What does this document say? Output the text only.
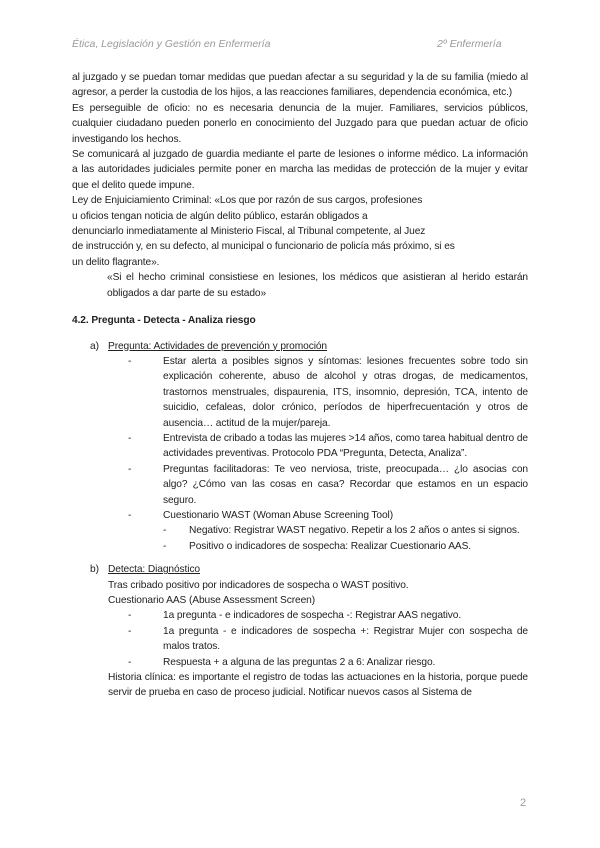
Ética, Legislación y Gestión en Enfermería	2º Enfermería

al juzgado y se puedan tomar medidas que puedan afectar a su seguridad y la de su familia (miedo al agresor, a perder la custodia de los hijos, a las reacciones familiares, dependencia económica, etc.)

Es perseguible de oficio: no es necesaria denuncia de la mujer. Familiares, servicios públicos, cualquier ciudadano pueden ponerlo en conocimiento del Juzgado para que puedan actuar de oficio investigando los hechos.

Se comunicará al juzgado de guardia mediante el parte de lesiones o informe médico. La información a las autoridades judiciales permite poner en marcha las medidas de protección de la mujer y evitar que el delito quede impune.

Ley de Enjuiciamiento Criminal: «Los que por razón de sus cargos, profesiones

u oficios tengan noticia de algún delito público, estarán obligados a

denunciarlo inmediatamente al Ministerio Fiscal, al Tribunal competente, al Juez

de instrucción y, en su defecto, al municipal o funcionario de policía más próximo, si es

un delito flagrante».

«Si el hecho criminal consistiese en lesiones, los médicos que asistieran al herido estarán obligados a dar parte de su estado»

4.2. Pregunta - Detecta - Analiza riesgo

a) Pregunta: Actividades de prevención y promoción

- Estar alerta a posibles signos y síntomas: lesiones frecuentes sobre todo sin explicación coherente, abuso de alcohol y otras drogas, de medicamentos, trastornos menstruales, dispaurenia, ITS, insomnio, depresión, TCA, intento de suicidio, cefaleas, dolor crónico, períodos de hiperfrecuentación y otros de ausencia… actitud de la mujer/pareja.
- Entrevista de cribado a todas las mujeres >14 años, como tarea habitual dentro de actividades preventivas. Protocolo PDA “Pregunta, Detecta, Analiza”.
- Preguntas facilitadoras: Te veo nerviosa, triste, preocupada… ¿lo asocias con algo? ¿Cómo van las cosas en casa? Recordar que estamos en un espacio seguro.
- Cuestionario WAST (Woman Abuse Screening Tool)
- Negativo: Registrar WAST negativo. Repetir a los 2 años o antes si signos.
- Positivo o indicadores de sospecha: Realizar Cuestionario AAS.
b) Detecta: Diagnóstico

Tras cribado positivo por indicadores de sospecha o WAST positivo.

Cuestionario AAS (Abuse Assessment Screen)

- 1a pregunta - e indicadores de sospecha -: Registrar AAS negativo.
- 1a pregunta - e indicadores de sospecha +: Registrar Mujer con sospecha de malos tratos.
- Respuesta + a alguna de las preguntas 2 a 6: Analizar riesgo.

Historia clínica: es importante el registro de todas las actuaciones en la historia, porque puede servir de prueba en caso de proceso judicial. Notificar nuevos casos al Sistema de

2
